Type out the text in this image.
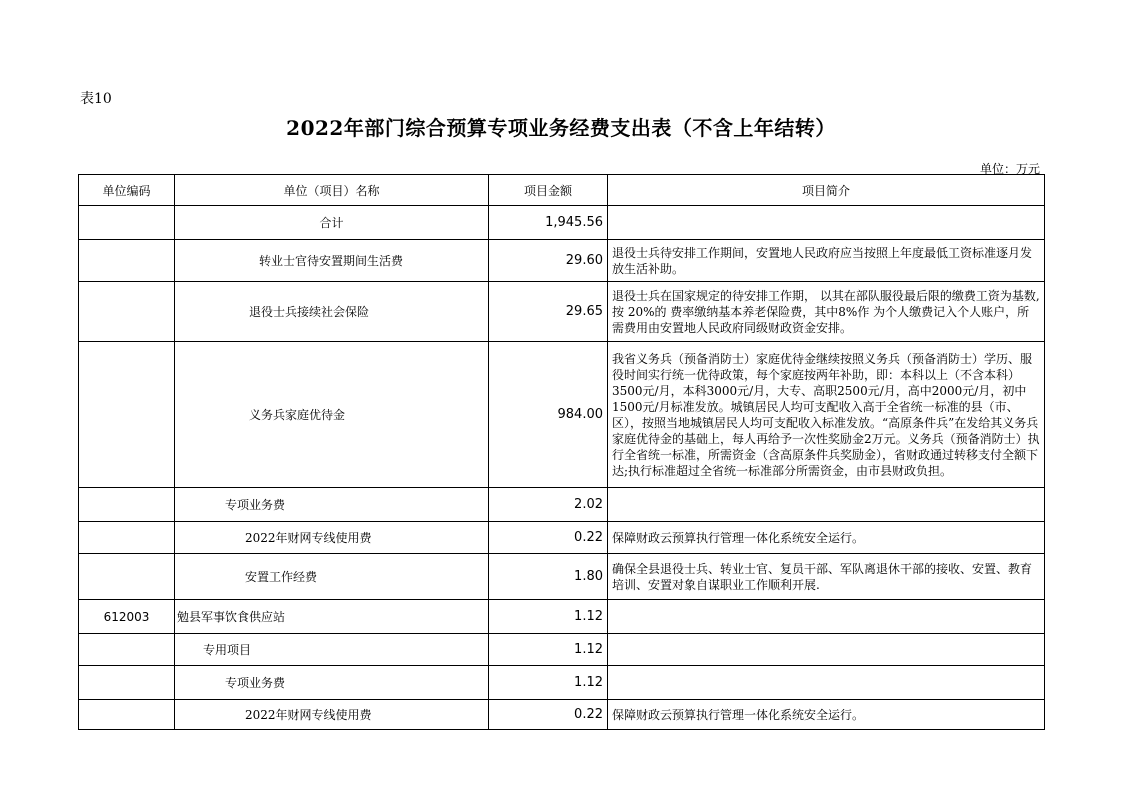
表10
2022年部门综合预算专项业务经费支出表（不含上年结转）
单位：万元
单位编码	单位（项目）名称	项目金额	项目简介
	合计	1,945.56	
	转业士官待安置期间生活费	29.60	退役士兵待安排工作期间，安置地人民政府应当按照上年度最低工资标准逐月发放生活补助。
	退役士兵接续社会保险	29.65	退役士兵在国家规定的待安排工作期， 以其在部队服役最后限的缴费工资为基数,按 20%的 费率缴纳基本养老保险费，其中8%作 为个人缴费记入个人账户，所需费用由安置地人民政府同级财政资金安排。
	义务兵家庭优待金	984.00	我省义务兵（预备消防士）家庭优待金继续按照义务兵（预备消防士）学历、服役时间实行统一优待政策，每个家庭按两年补助，即：本科以上（不含本科）3500元/月，本科3000元/月，大专、高职2500元/月，高中2000元/月，初中1500元/月标准发放。城镇居民人均可支配收入高于全省统一标准的县（市、区），按照当地城镇居民人均可支配收入标准发放。“高原条件兵”在发给其义务兵家庭优待金的基础上，每人再给予一次性奖励金2万元。义务兵（预备消防士）执行全省统一标准，所需资金（含高原条件兵奖励金），省财政通过转移支付全额下达;执行标准超过全省统一标准部分所需资金，由市县财政负担。
	专项业务费	2.02	
	2022年财网专线使用费	0.22	保障财政云预算执行管理一体化系统安全运行。
	安置工作经费	1.80	确保全县退役士兵、转业士官、复员干部、军队离退休干部的接收、安置、教育培训、安置对象自谋职业工作顺利开展.
612003	勉县军事饮食供应站	1.12	
	专用项目	1.12	
	专项业务费	1.12	
	2022年财网专线使用费	0.22	保障财政云预算执行管理一体化系统安全运行。
